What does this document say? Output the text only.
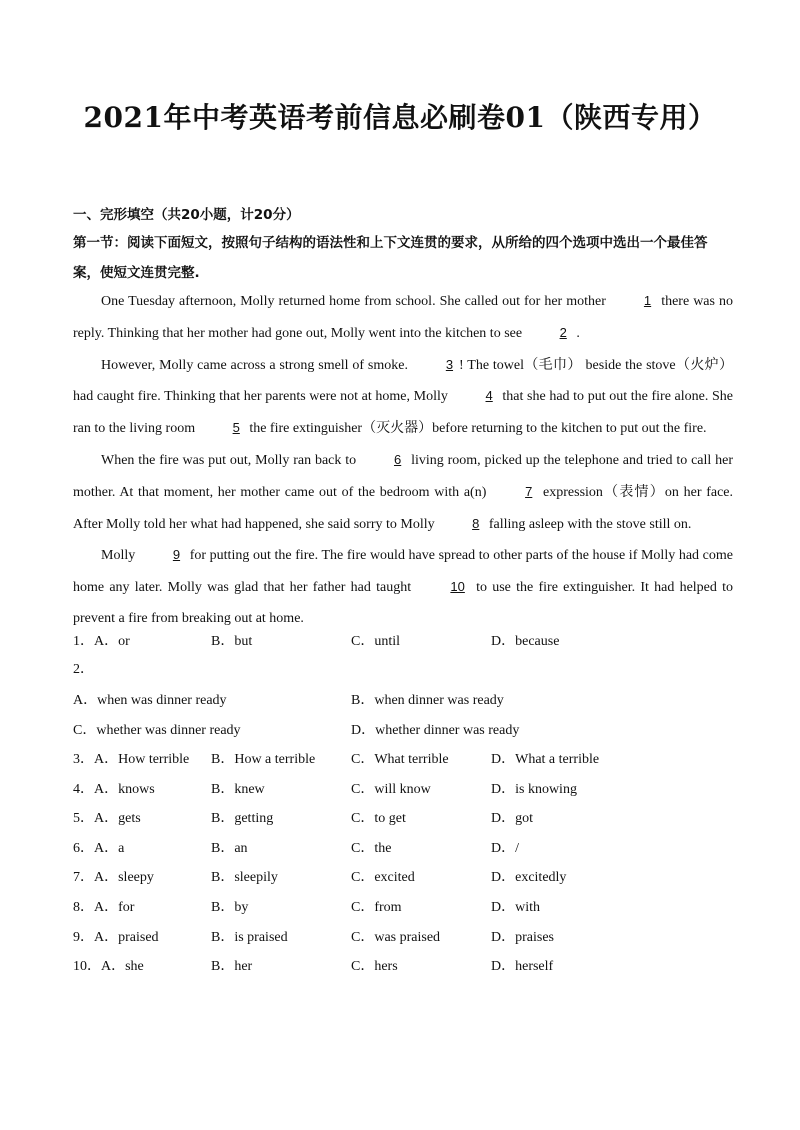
2021年中考英语考前信息必刷卷01（陕西专用）
一、完形填空（共20小题，计20分）
第一节：阅读下面短文，按照句子结构的语法性和上下文连贯的要求，从所给的四个选项中选出一个最佳答案，使短文连贯完整.

One Tuesday afternoon, Molly returned home from school. She called out for her mother	1 there was no reply. Thinking that her mother had gone out, Molly went into the kitchen to see	2 .

However, Molly came across a strong smell of smoke.	3 ! The towel（毛巾） beside the stove（火炉） had caught fire. Thinking that her parents were not at home, Molly	4 that she had to put out the fire alone. She ran to the living room	5 the fire extinguisher（灭火器）before returning to the kitchen to put out the fire.

When the fire was put out, Molly ran back to	6 living room, picked up the telephone and tried to call her mother. At that moment, her mother came out of the bedroom with a(n)	7 expression（表情）on her face. After Molly told her what had happened, she said sorry to Molly	8 falling asleep with the stove still on.

Molly	9 for putting out the fire. The fire would have spread to other parts of the house if Molly had come home any later. Molly was glad that her father had taught	10 to use the fire extinguisher. It had helped to prevent a fire from breaking out at home.

1．A．or	B．but	C．until	D．because
2．
A．when was dinner ready	B．when dinner was ready
C．whether was dinner ready	D．whether dinner was ready
3．A．How terrible B．How a terrible	C．What terrible	D．What a terrible
4．A．knows	B．knew	C．will know	D．is knowing
5．A．gets	B．getting	C．to get	D．got
6．A．a	B．an	C．the	D．/
7．A．sleepy	B．sleepily	C．excited	D．excitedly
8．A．for	B．by	C．from	D．with
9．A．praised	B．is praised	C．was praised	D．praises
10．A．she	B．her	C．hers	D．herself
